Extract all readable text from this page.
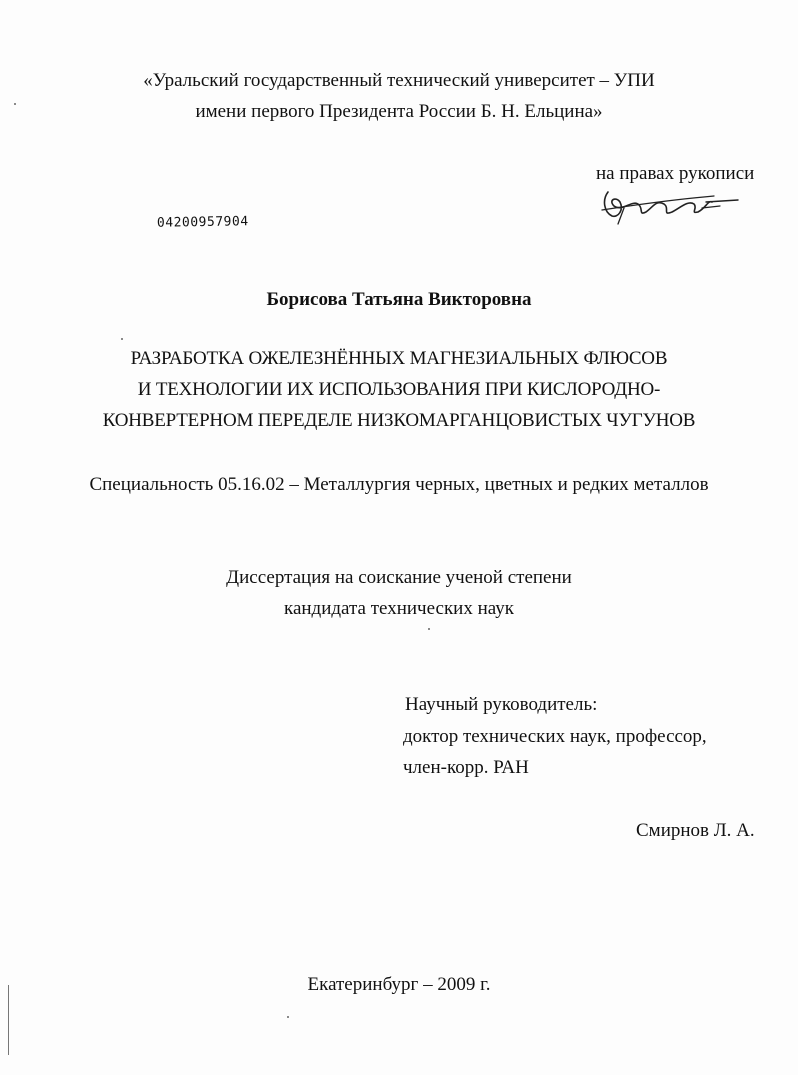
«Уральский государственный технический университет – УПИ
имени первого Президента России Б. Н. Ельцина»
на правах рукописи
04200957904
Борисова Татьяна Викторовна
РАЗРАБОТКА ОЖЕЛЕЗНЁННЫХ МАГНЕЗИАЛЬНЫХ ФЛЮСОВ
И ТЕХНОЛОГИИ ИХ ИСПОЛЬЗОВАНИЯ ПРИ КИСЛОРОДНО-
КОНВЕРТЕРНОМ ПЕРЕДЕЛЕ НИЗКОМАРГАНЦОВИСТЫХ ЧУГУНОВ
Специальность 05.16.02 – Металлургия черных, цветных и редких металлов
Диссертация на соискание ученой степени
кандидата технических наук
Научный руководитель:
доктор технических наук, профессор,
член-корр. РАН
Смирнов Л. А.
Екатеринбург – 2009 г.
